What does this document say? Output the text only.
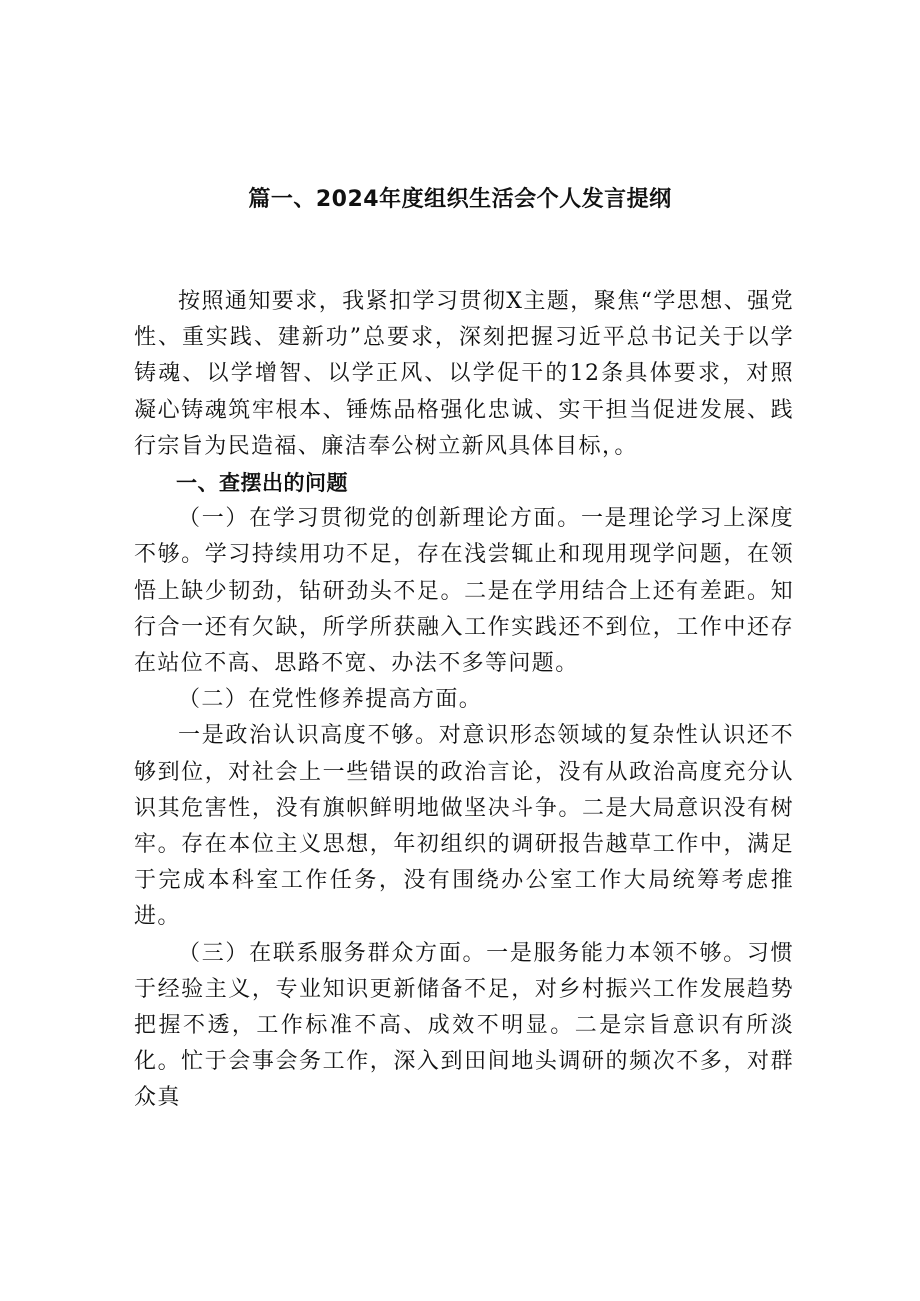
篇一、2024年度组织生活会个人发言提纲

按照通知要求，我紧扣学习贯彻X主题，聚焦“学思想、强党性、重实践、建新功”总要求，深刻把握习近平总书记关于以学铸魂、以学增智、以学正风、以学促干的12条具体要求，对照凝心铸魂筑牢根本、锤炼品格强化忠诚、实干担当促进发展、践行宗旨为民造福、廉洁奉公树立新风具体目标，。

一、查摆出的问题

（一）在学习贯彻党的创新理论方面。一是理论学习上深度不够。学习持续用功不足，存在浅尝辄止和现用现学问题，在领悟上缺少韧劲，钻研劲头不足。二是在学用结合上还有差距。知行合一还有欠缺，所学所获融入工作实践还不到位，工作中还存在站位不高、思路不宽、办法不多等问题。

（二）在党性修养提高方面。

一是政治认识高度不够。对意识形态领域的复杂性认识还不够到位，对社会上一些错误的政治言论，没有从政治高度充分认识其危害性，没有旗帜鲜明地做坚决斗争。二是大局意识没有树牢。存在本位主义思想，年初组织的调研报告越草工作中，满足于完成本科室工作任务，没有围绕办公室工作大局统筹考虑推进。

（三）在联系服务群众方面。一是服务能力本领不够。习惯于经验主义，专业知识更新储备不足，对乡村振兴工作发展趋势把握不透，工作标准不高、成效不明显。二是宗旨意识有所淡化。忙于会事会务工作，深入到田间地头调研的频次不多，对群众真
